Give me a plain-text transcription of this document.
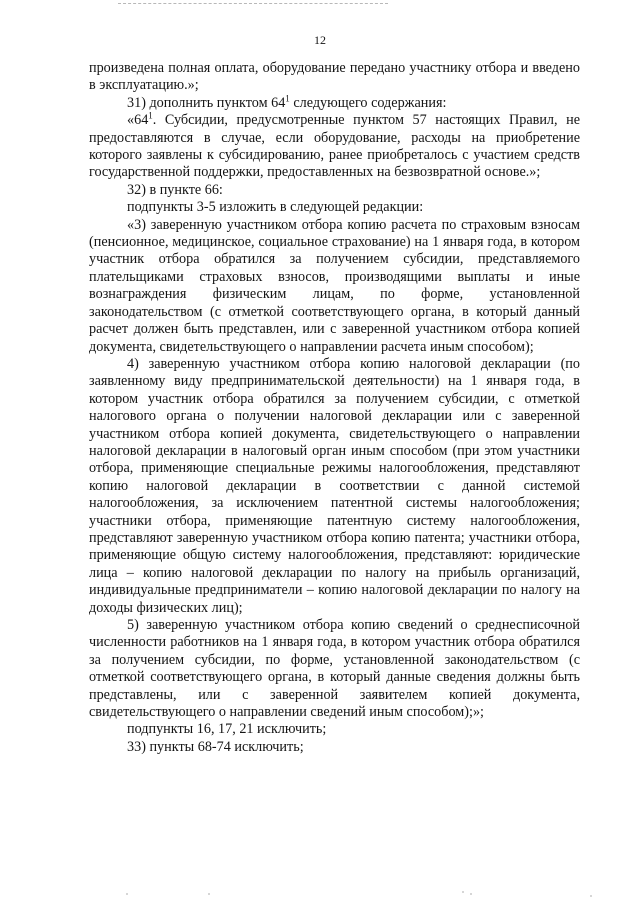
12

произведена полная оплата, оборудование передано участнику отбора и введено в эксплуатацию.»;

31) дополнить пунктом $64^1$ следующего содержания:

«$64^1$. Субсидии, предусмотренные пунктом 57 настоящих Правил, не предоставляются в случае, если оборудование, расходы на приобретение которого заявлены к субсидированию, ранее приобреталось с участием средств государственной поддержки, предоставленных на безвозвратной основе.»;

32) в пункте 66:

подпункты 3-5 изложить в следующей редакции:

«3) заверенную участником отбора копию расчета по страховым взносам (пенсионное, медицинское, социальное страхование) на 1 января года, в котором участник отбора обратился за получением субсидии, представляемого плательщиками страховых взносов, производящими выплаты и иные вознаграждения физическим лицам, по форме, установленной законодательством (с отметкой соответствующего органа, в который данный расчет должен быть представлен, или с заверенной участником отбора копией документа, свидетельствующего о направлении расчета иным способом);

4) заверенную участником отбора копию налоговой декларации (по заявленному виду предпринимательской деятельности) на 1 января года, в котором участник отбора обратился за получением субсидии, с отметкой налогового органа о получении налоговой декларации или с заверенной участником отбора копией документа, свидетельствующего о направлении налоговой декларации в налоговый орган иным способом (при этом участники отбора, применяющие специальные режимы налогообложения, представляют копию налоговой декларации в соответствии с данной системой налогообложения, за исключением патентной системы налогообложения; участники отбора, применяющие патентную систему налогообложения, представляют заверенную участником отбора копию патента; участники отбора, применяющие общую систему налогообложения, представляют: юридические лица – копию налоговой декларации по налогу на прибыль организаций, индивидуальные предприниматели – копию налоговой декларации по налогу на доходы физических лиц);

5) заверенную участником отбора копию сведений о среднесписочной численности работников на 1 января года, в котором участник отбора обратился за получением субсидии, по форме, установленной законодательством (с отметкой соответствующего органа, в который данные сведения должны быть представлены, или с заверенной заявителем копией документа, свидетельствующего о направлении сведений иным способом);»;

подпункты 16, 17, 21 исключить;

33) пункты 68-74 исключить;
